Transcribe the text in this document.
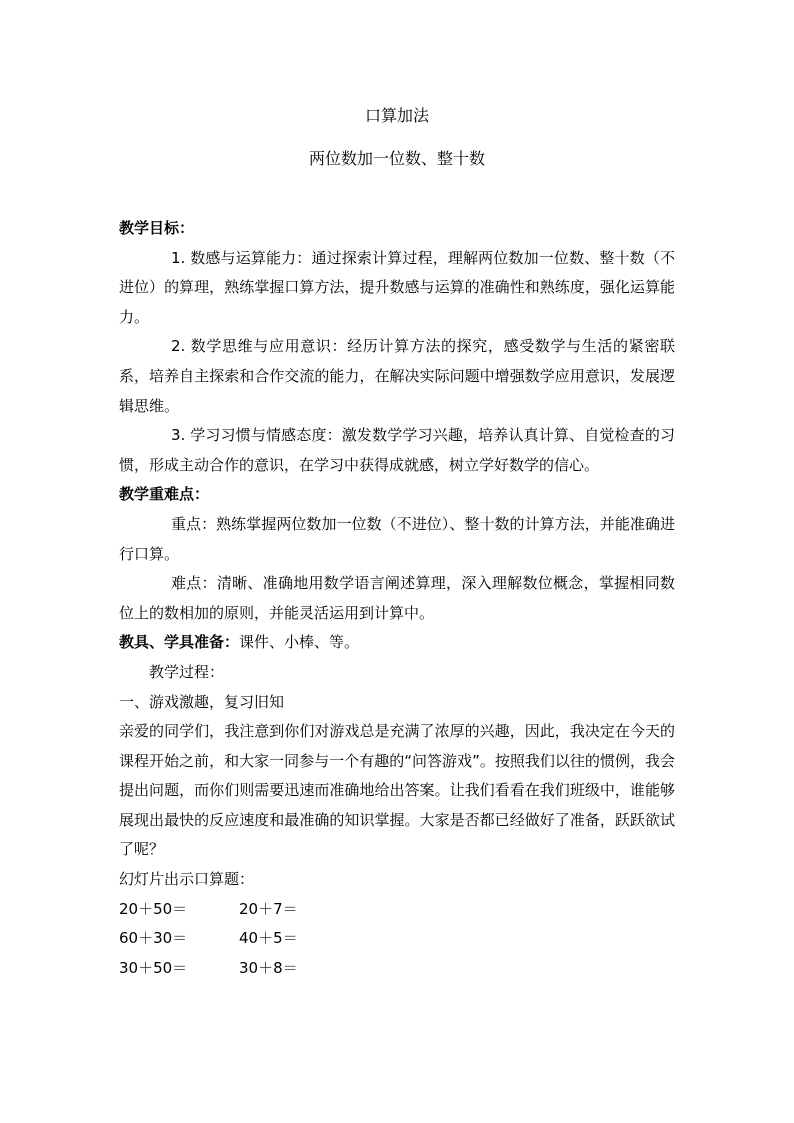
口算加法
两位数加一位数、整十数

教学目标：

1. 数感与运算能力：通过探索计算过程，理解两位数加一位数、整十数（不进位）的算理，熟练掌握口算方法，提升数感与运算的准确性和熟练度，强化运算能力。

2. 数学思维与应用意识：经历计算方法的探究，感受数学与生活的紧密联系，培养自主探索和合作交流的能力，在解决实际问题中增强数学应用意识，发展逻辑思维。

3. 学习习惯与情感态度：激发数学学习兴趣，培养认真计算、自觉检查的习惯，形成主动合作的意识，在学习中获得成就感，树立学好数学的信心。

教学重难点：

重点：熟练掌握两位数加一位数（不进位）、整十数的计算方法，并能准确进行口算。

难点：清晰、准确地用数学语言阐述算理，深入理解数位概念，掌握相同数位上的数相加的原则，并能灵活运用到计算中。

教具、学具准备：课件、小棒、等。

教学过程：

一、游戏激趣，复习旧知

亲爱的同学们，我注意到你们对游戏总是充满了浓厚的兴趣，因此，我决定在今天的课程开始之前，和大家一同参与一个有趣的“问答游戏”。按照我们以往的惯例，我会提出问题，而你们则需要迅速而准确地给出答案。让我们看看在我们班级中，谁能够展现出最快的反应速度和最准确的知识掌握。大家是否都已经做好了准备，跃跃欲试了呢？

幻灯片出示口算题：

20＋50＝	20＋7＝
60＋30＝	40＋5＝
30＋50＝	30＋8＝
